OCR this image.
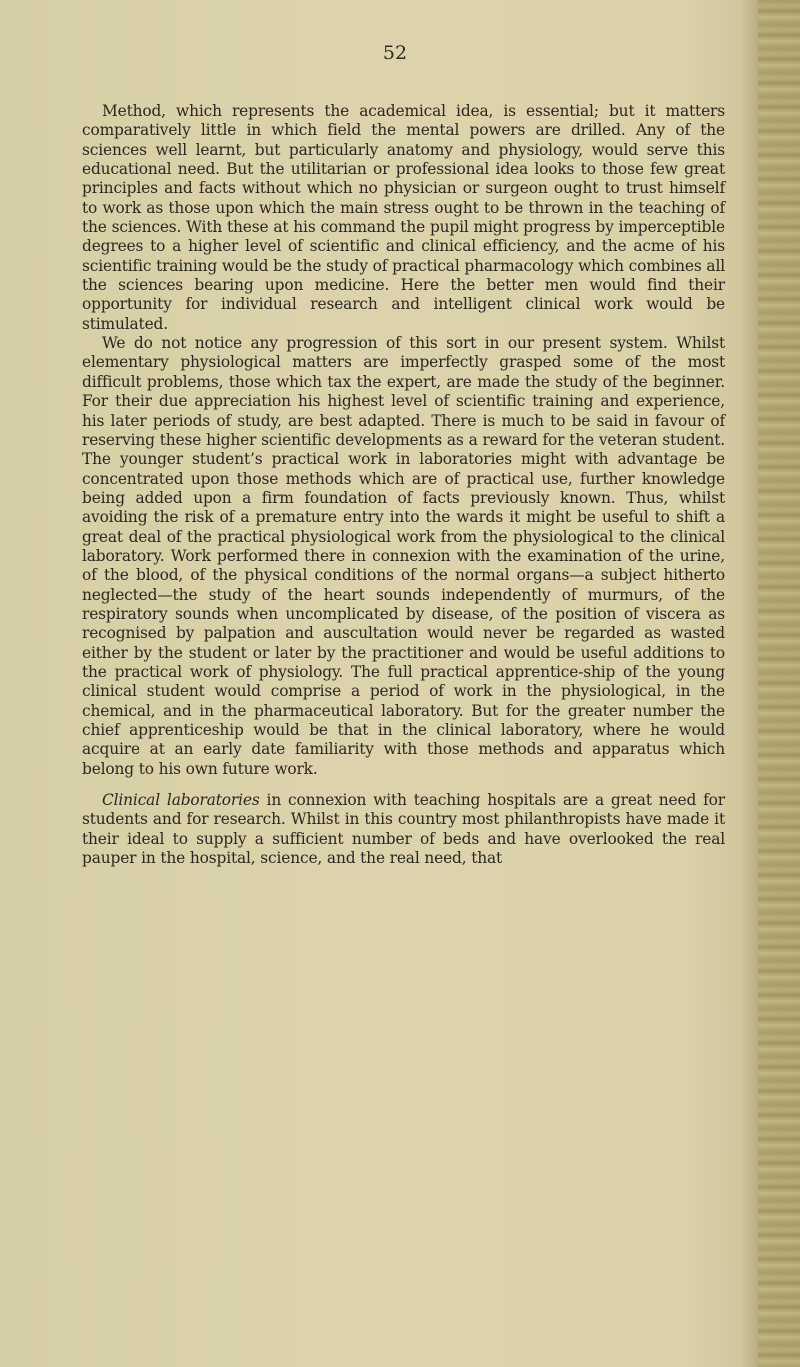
52

Method, which represents the academical idea, is essential; but it matters comparatively little in which field the mental powers are drilled. Any of the sciences well learnt, but particularly anatomy and physiology, would serve this educational need. But the utilitarian or professional idea looks to those few great principles and facts without which no physician or surgeon ought to trust himself to work as those upon which the main stress ought to be thrown in the teaching of the sciences. With these at his command the pupil might progress by imperceptible degrees to a higher level of scientific and clinical efficiency, and the acme of his scientific training would be the study of practical pharmacology which combines all the sciences bearing upon medicine. Here the better men would find their opportunity for individual research and intelligent clinical work would be stimulated.

We do not notice any progression of this sort in our present system. Whilst elementary physiological matters are imperfectly grasped some of the most difficult problems, those which tax the expert, are made the study of the beginner. For their due appreciation his highest level of scientific training and experience, his later periods of study, are best adapted. There is much to be said in favour of reserving these higher scientific developments as a reward for the veteran student. The younger student’s practical work in laboratories might with advantage be concentrated upon those methods which are of practical use, further knowledge being added upon a firm foundation of facts previously known. Thus, whilst avoiding the risk of a premature entry into the wards it might be useful to shift a great deal of the practical physiological work from the physiological to the clinical laboratory. Work performed there in connexion with the examination of the urine, of the blood, of the physical conditions of the normal organs—a subject hitherto neglected—the study of the heart sounds independently of murmurs, of the respiratory sounds when uncomplicated by disease, of the position of viscera as recognised by palpation and auscultation would never be regarded as wasted either by the student or later by the practitioner and would be useful additions to the practical work of physiology. The full practical apprentice-ship of the young clinical student would comprise a period of work in the physiological, in the chemical, and in the pharmaceutical laboratory. But for the greater number the chief apprenticeship would be that in the clinical laboratory, where he would acquire at an early date familiarity with those methods and apparatus which belong to his own future work.

Clinical laboratories in connexion with teaching hospitals are a great need for students and for research. Whilst in this country most philanthropists have made it their ideal to supply a sufficient number of beds and have overlooked the real pauper in the hospital, science, and the real need, that
